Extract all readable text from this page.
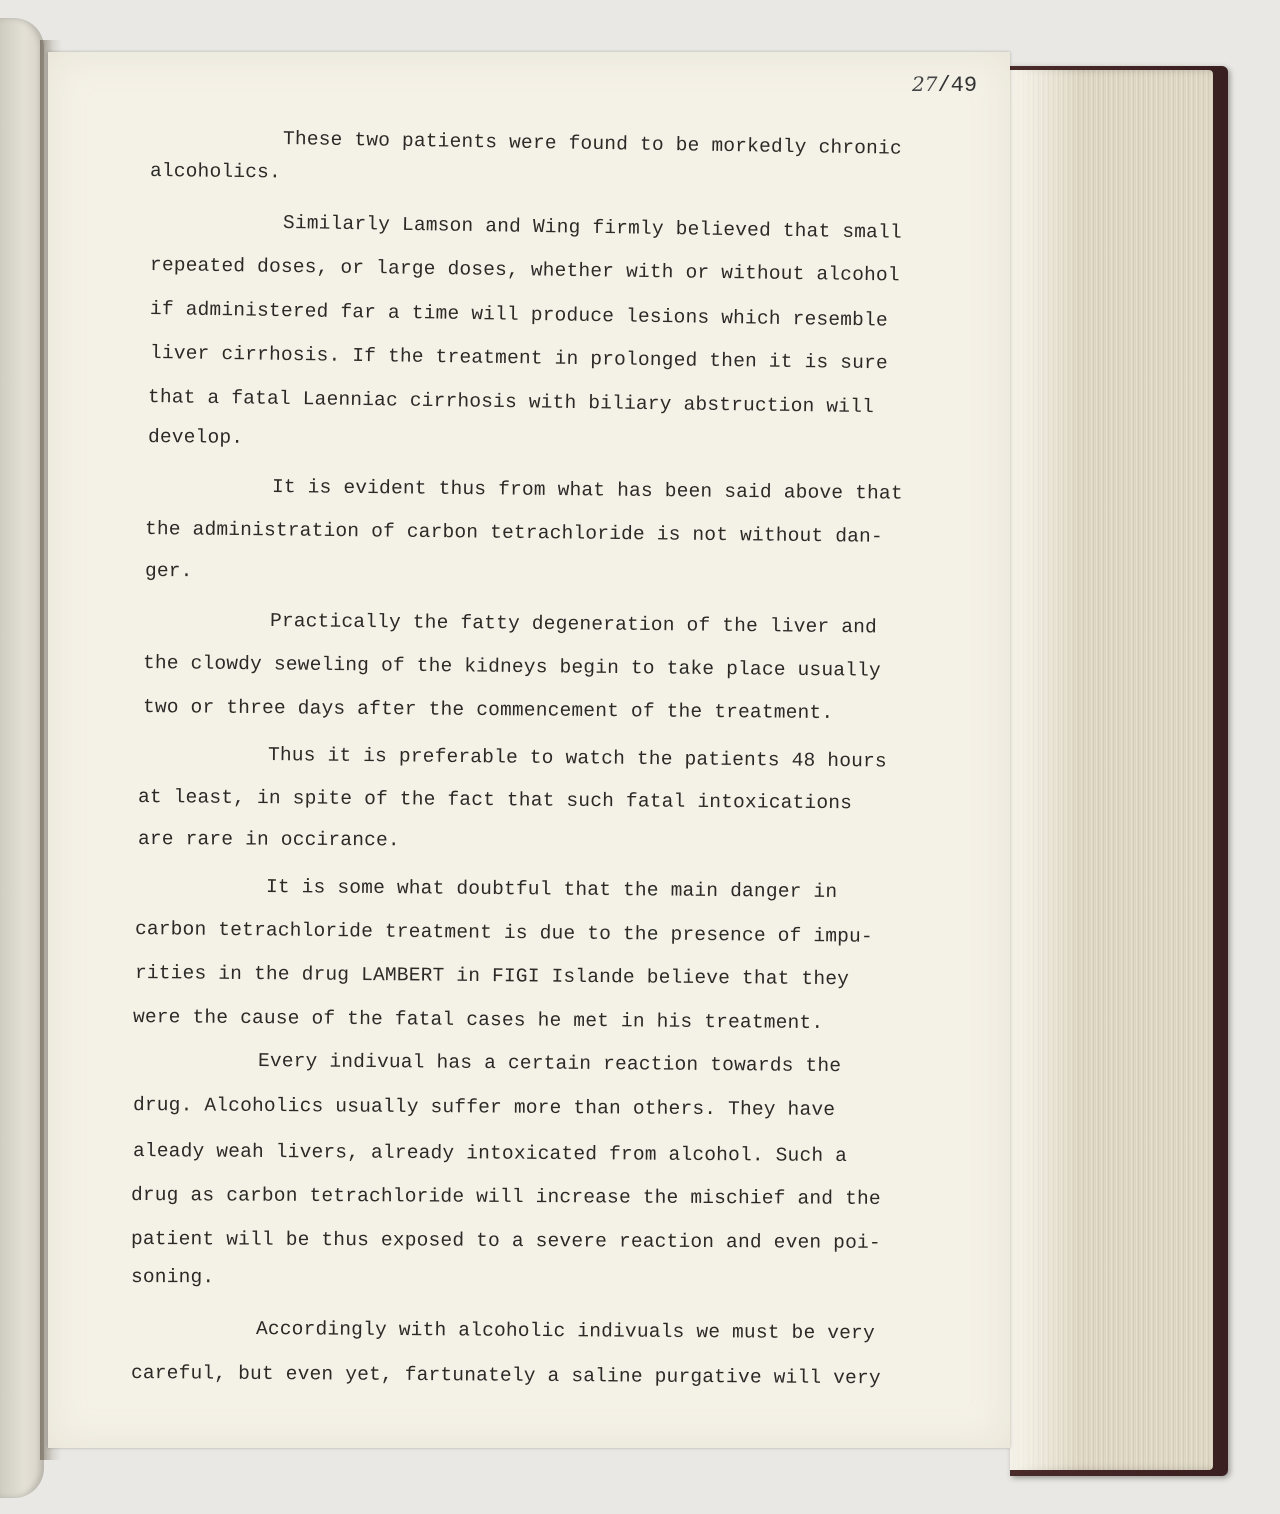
27/49
These two patients were found to be morkedly chronic
alcoholics.
Similarly Lamson and Wing firmly believed that small
repeated doses, or large doses, whether with or without alcohol
if administered far a time will produce lesions which resemble
liver cirrhosis. If the treatment in prolonged then it is sure
that a fatal Laenniac cirrhosis with biliary abstruction will
develop.
It is evident thus from what has been said above that
the administration of carbon tetrachloride is not without dan-
ger.
Practically the fatty degeneration of the liver and
the clowdy seweling of the kidneys begin to take place usually
two or three days after the commencement of the treatment.
Thus it is preferable to watch the patients 48 hours
at least, in spite of the fact that such fatal intoxications
are rare in occirance.
It is some what doubtful that the main danger in
carbon tetrachloride treatment is due to the presence of impu-
rities in the drug LAMBERT in FIGI Islande believe that they
were the cause of the fatal cases he met in his treatment.
Every indivual has a certain reaction towards the
drug. Alcoholics usually suffer more than others. They have
aleady weah livers, already intoxicated from alcohol. Such a
drug as carbon tetrachloride will increase the mischief and the
patient will be thus exposed to a severe reaction and even poi-
soning.
Accordingly with alcoholic indivuals we must be very
careful, but even yet, fartunately a saline purgative will very
